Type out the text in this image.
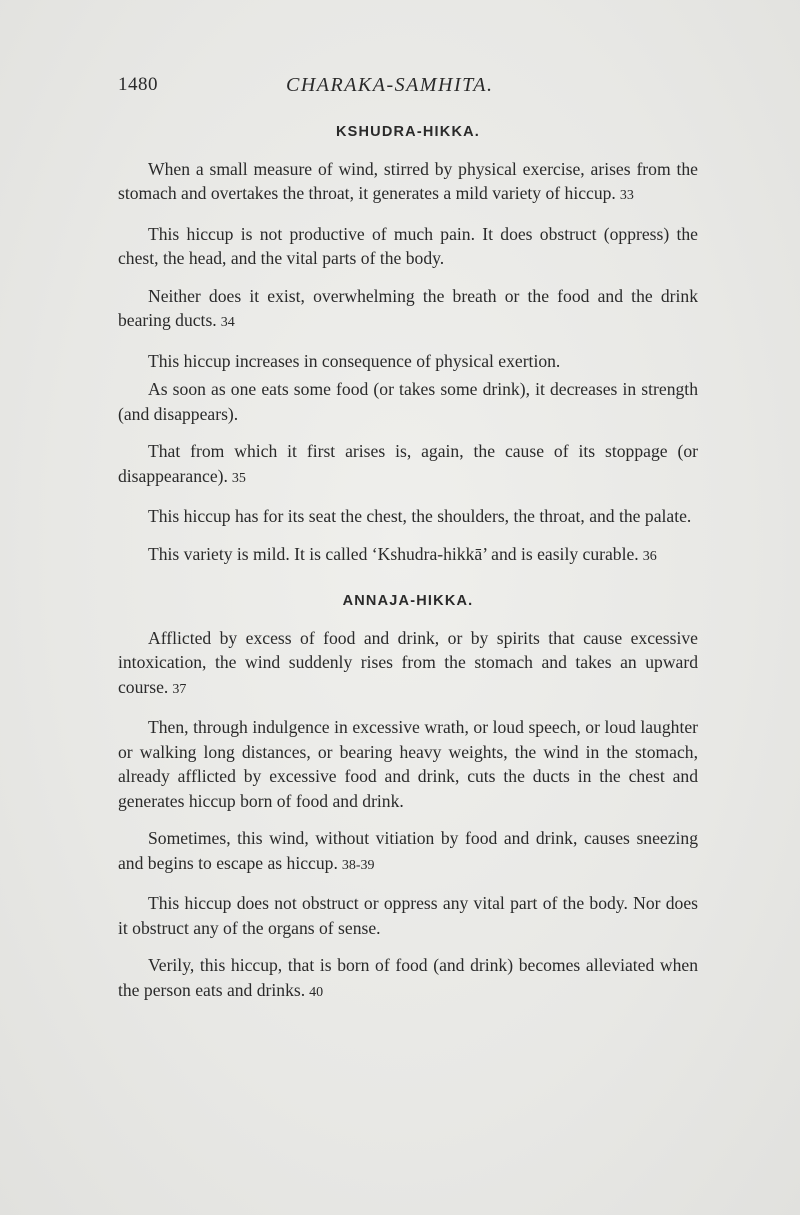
1480	CHARAKA-SAMHITA.
KSHUDRA-HIKKA.

When a small measure of wind, stirred by physical exercise, arises from the stomach and overtakes the throat, it generates a mild variety of hiccup. 33

This hiccup is not productive of much pain. It does obstruct (oppress) the chest, the head, and the vital parts of the body.

Neither does it exist, overwhelming the breath or the food and the drink bearing ducts. 34

This hiccup increases in consequence of physical exertion.

As soon as one eats some food (or takes some drink), it decreases in strength (and disappears).

That from which it first arises is, again, the cause of its stoppage (or disappearance). 35

This hiccup has for its seat the chest, the shoulders, the throat, and the palate.

This variety is mild. It is called ‘Kshudra-hikkā’ and is easily curable. 36

ANNAJA-HIKKA.

Afflicted by excess of food and drink, or by spirits that cause excessive intoxication, the wind suddenly rises from the stomach and takes an upward course. 37

Then, through indulgence in excessive wrath, or loud speech, or loud laughter or walking long distances, or bearing heavy weights, the wind in the stomach, already afflicted by excessive food and drink, cuts the ducts in the chest and generates hiccup born of food and drink.

Sometimes, this wind, without vitiation by food and drink, causes sneezing and begins to escape as hiccup. 38-39

This hiccup does not obstruct or oppress any vital part of the body. Nor does it obstruct any of the organs of sense.

Verily, this hiccup, that is born of food (and drink) becomes alleviated when the person eats and drinks. 40
